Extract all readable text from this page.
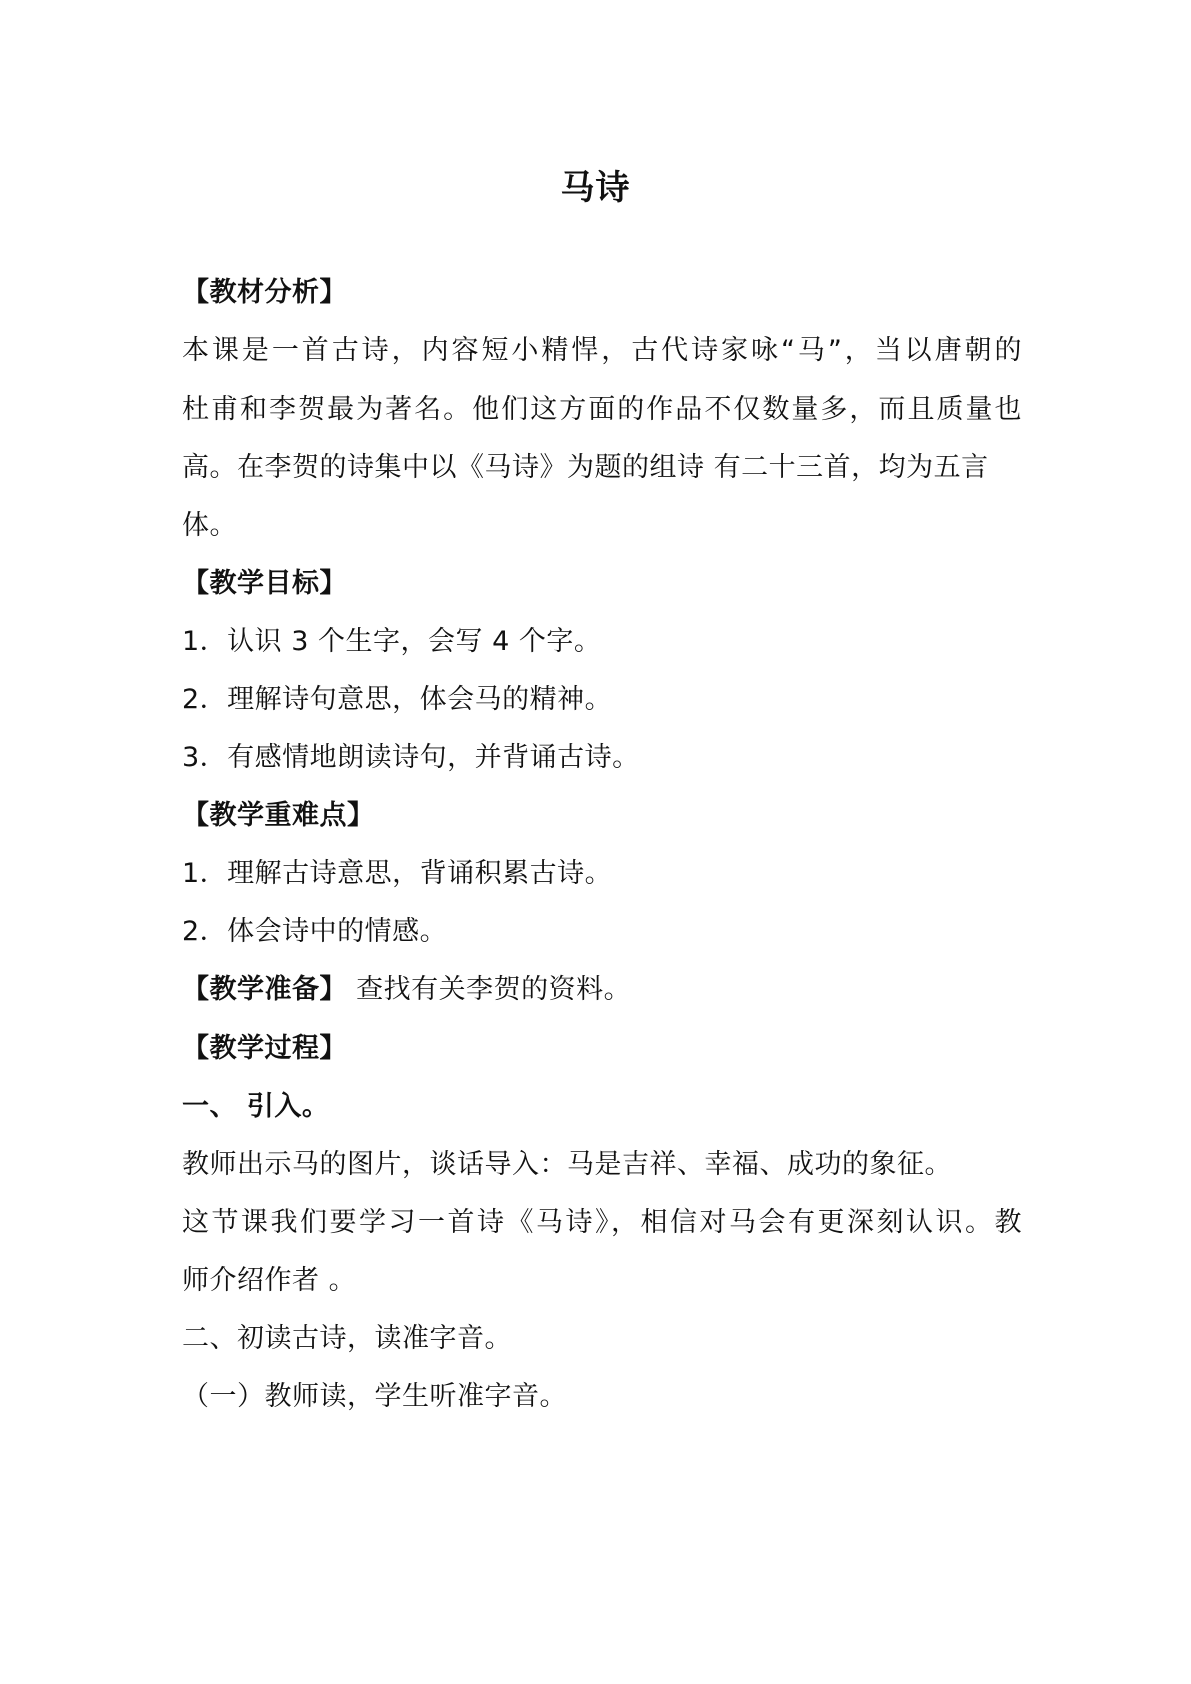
马诗
【教材分析】
本课是一首古诗，内容短小精悍，古代诗家咏“马”，当以唐朝的
杜甫和李贺最为著名。他们这方面的作品不仅数量多，而且质量也
高。在李贺的诗集中以《马诗》为题的组诗 有二十三首，均为五言
体。
【教学目标】
1．认识 3 个生字，会写 4 个字。
2．理解诗句意思，体会马的精神。
3．有感情地朗读诗句，并背诵古诗。
【教学重难点】
1．理解古诗意思，背诵积累古诗。
2．体会诗中的情感。
【教学准备】 查找有关李贺的资料。
【教学过程】
一、 引入。
教师出示马的图片，谈话导入：马是吉祥、幸福、成功的象征。
这节课我们要学习一首诗《马诗》，相信对马会有更深刻认识。教
师介绍作者 。
二、初读古诗，读准字音。
（一）教师读，学生听准字音。
